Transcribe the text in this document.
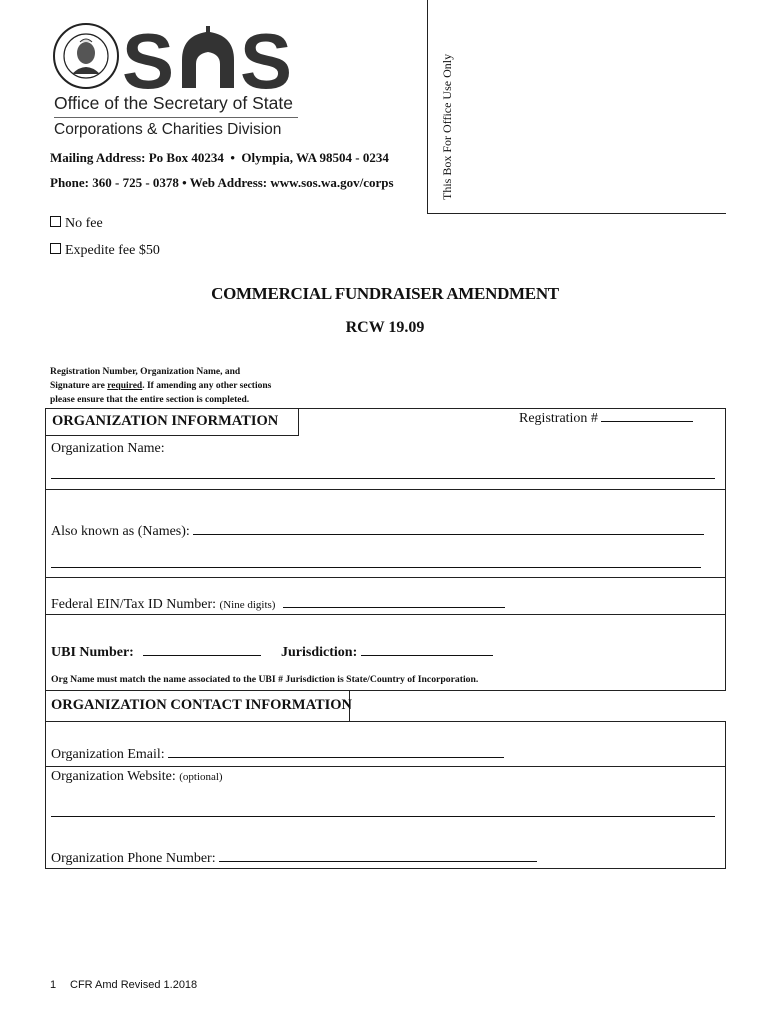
S S
Office of the Secretary of State
Corporations & Charities Division
Mailing Address: Po Box 40234  •  Olympia, WA 98504 - 0234
Phone: 360 - 725 - 0378 • Web Address: www.sos.wa.gov/corps	This Box For Office Use Only
No fee
Expedite fee $50
COMMERCIAL FUNDRAISER AMENDMENT
RCW 19.09
Registration Number, Organization Name, and
Signature are required. If amending any other sections
please ensure that the entire section is completed.
ORGANIZATION INFORMATION	Registration #
Organization Name:
Also known as (Names):
Federal EIN/Tax ID Number: (Nine digits)
UBI Number:	Jurisdiction:
Org Name must match the name associated to the UBI # Jurisdiction is State/Country of Incorporation.
ORGANIZATION CONTACT INFORMATION
Organization Email:
Organization Website: (optional)
Organization Phone Number:
1 CFR Amd Revised 1.2018
